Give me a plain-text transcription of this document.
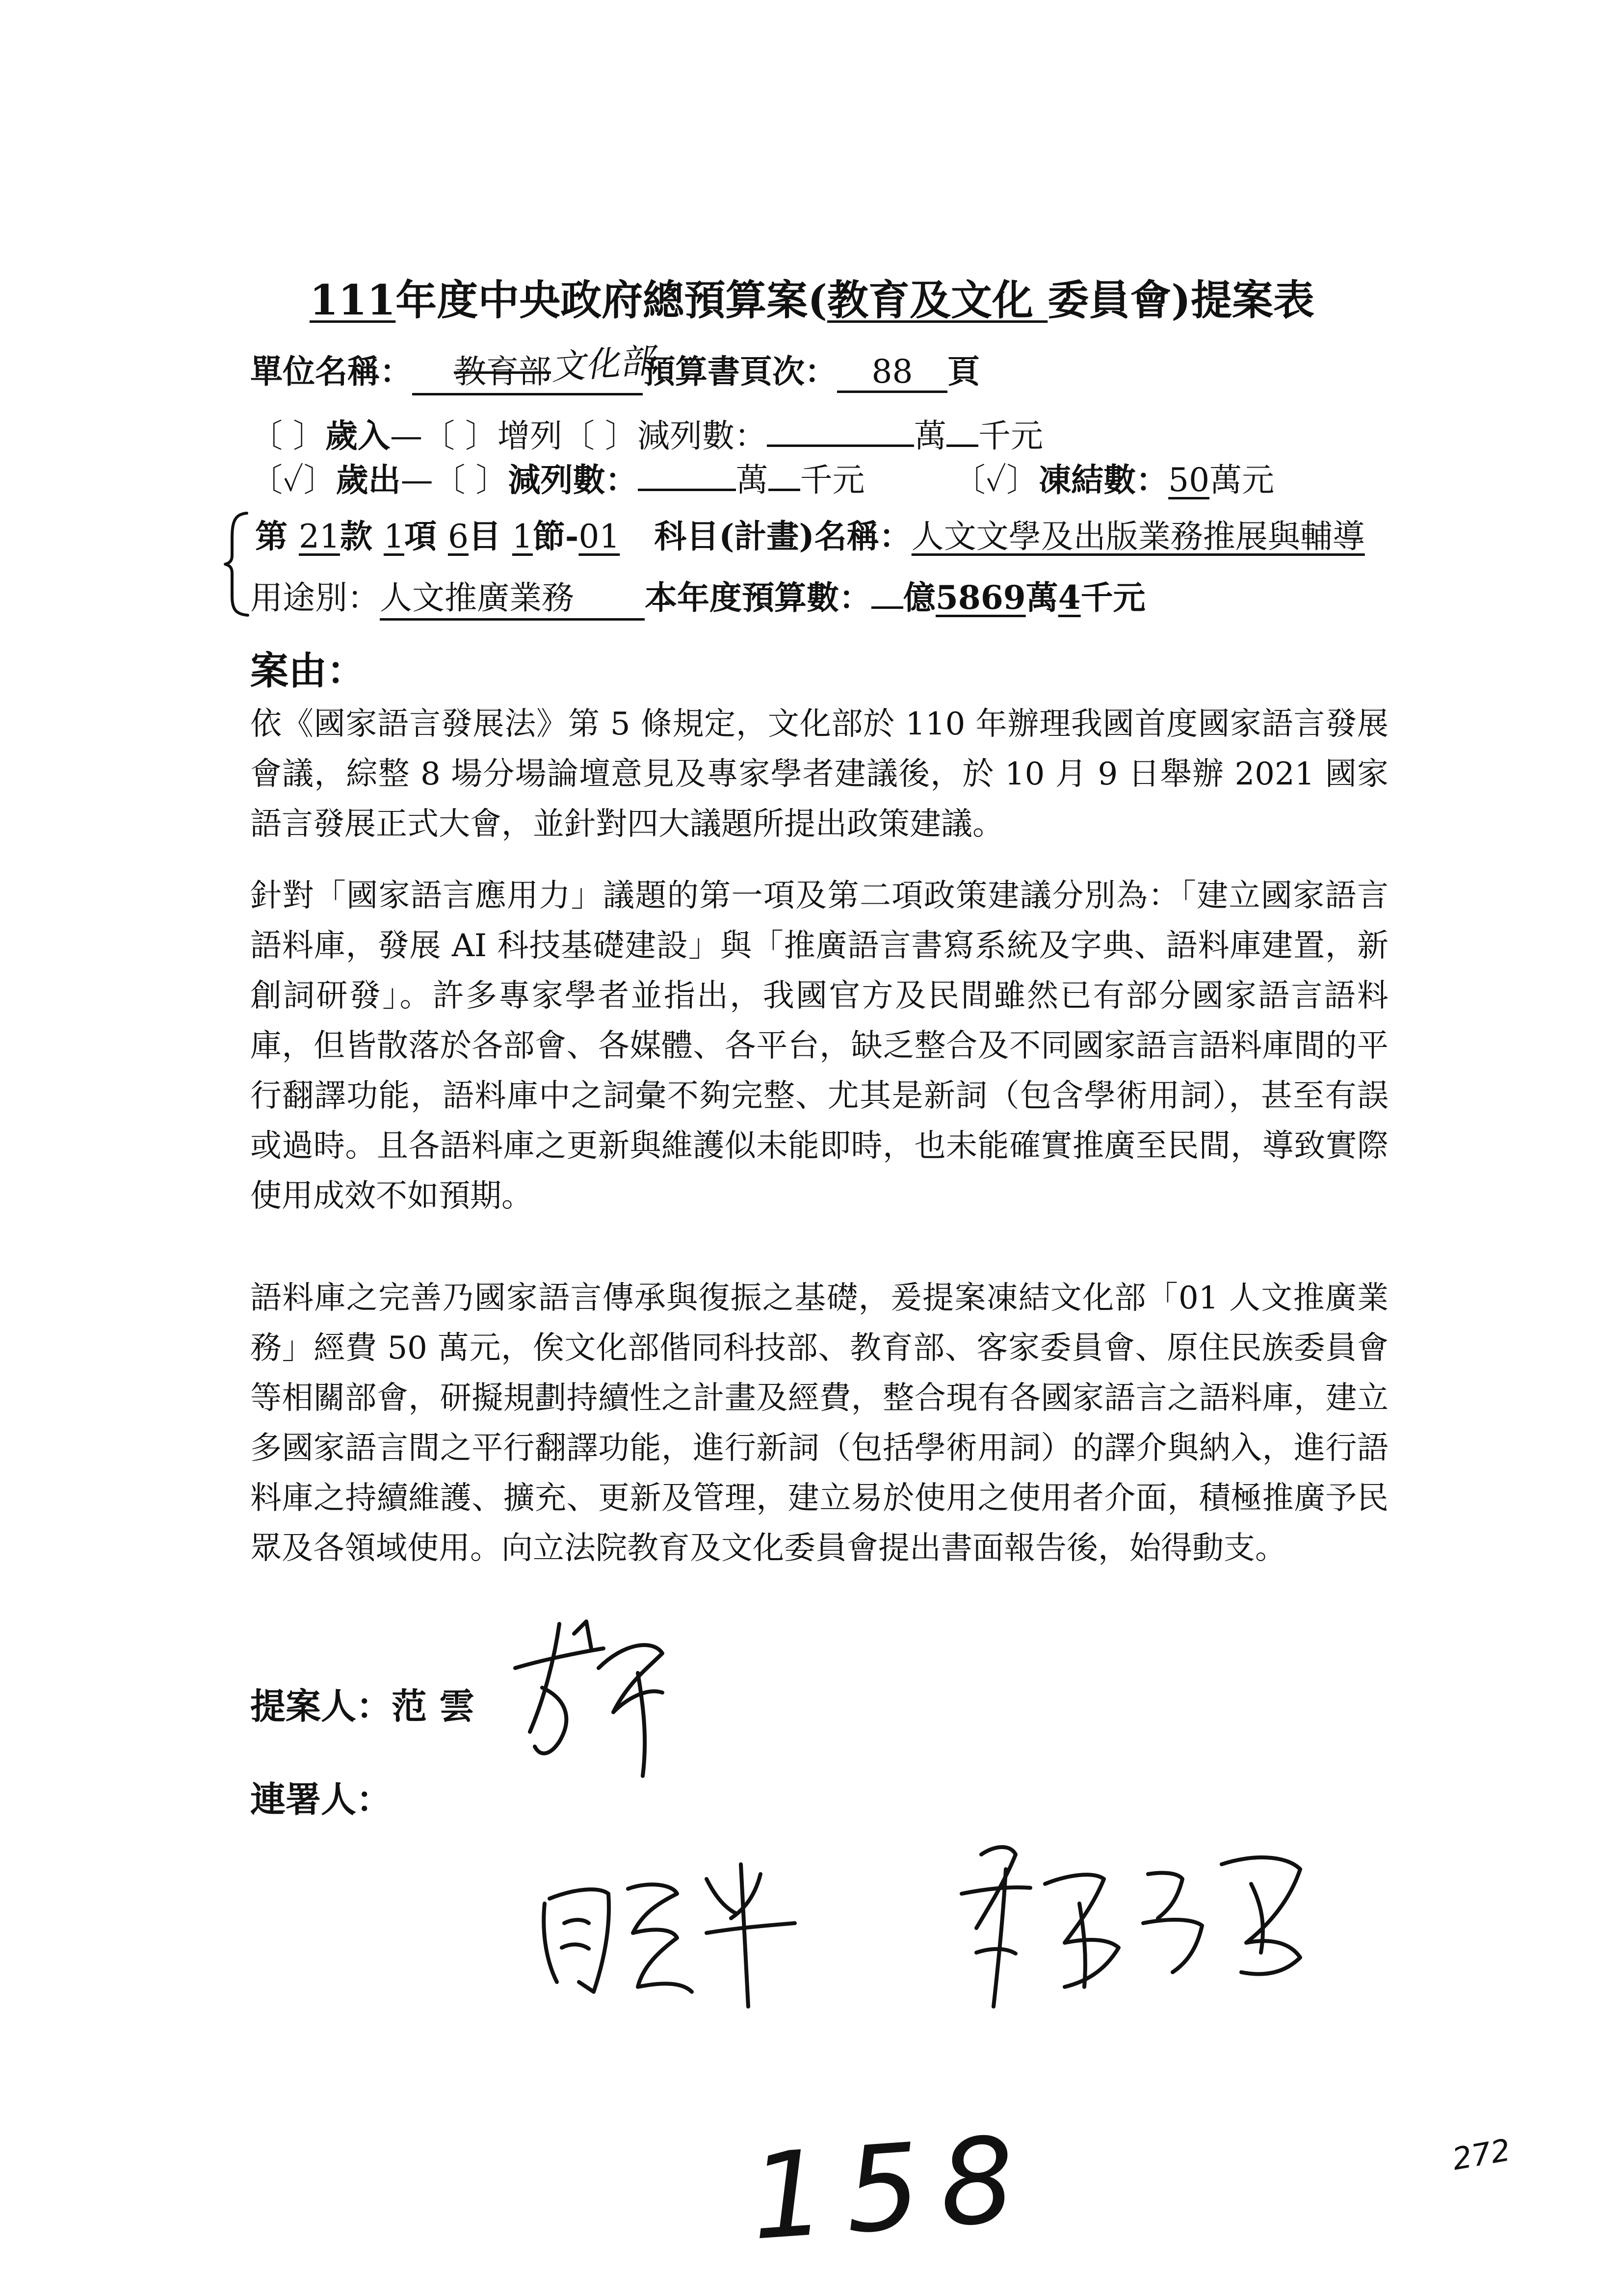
111年度中央政府總預算案(教育及文化 委員會)提案表
單位名稱： 教育部文化部預算書頁次： 88 頁
〔 〕歲入—〔 〕增列〔 〕減列數：	萬 千元
〔✓〕歲出—〔 〕減列數：	萬 千元	〔✓〕凍結數：50萬元
第 21款 1項 6目 1節-01 科目(計畫)名稱：人文文學及出版業務推展與輔導
用途別：人文推廣業務 本年度預算數： 億5869萬4千元
案由：
依《國家語言發展法》第 5 條規定，文化部於 110 年辦理我國首度國家語言發展會議，綜整 8 場分場論壇意見及專家學者建議後，於 10 月 9 日舉辦 2021 國家語言發展正式大會，並針對四大議題所提出政策建議。
針對「國家語言應用力」議題的第一項及第二項政策建議分別為：「建立國家語言語料庫，發展 AI 科技基礎建設」與「推廣語言書寫系統及字典、語料庫建置，新創詞研發」。許多專家學者並指出，我國官方及民間雖然已有部分國家語言語料庫，但皆散落於各部會、各媒體、各平台，缺乏整合及不同國家語言語料庫間的平行翻譯功能，語料庫中之詞彙不夠完整、尤其是新詞（包含學術用詞），甚至有誤或過時。且各語料庫之更新與維護似未能即時，也未能確實推廣至民間，導致實際使用成效不如預期。
語料庫之完善乃國家語言傳承與復振之基礎，爰提案凍結文化部「01 人文推廣業務」經費 50 萬元，俟文化部偕同科技部、教育部、客家委員會、原住民族委員會等相關部會，研擬規劃持續性之計畫及經費，整合現有各國家語言之語料庫，建立多國家語言間之平行翻譯功能，進行新詞（包括學術用詞）的譯介與納入，進行語料庫之持續維護、擴充、更新及管理，建立易於使用之使用者介面，積極推廣予民眾及各領域使用。向立法院教育及文化委員會提出書面報告後，始得動支。
提案人：范 雲
連署人：
158	272
